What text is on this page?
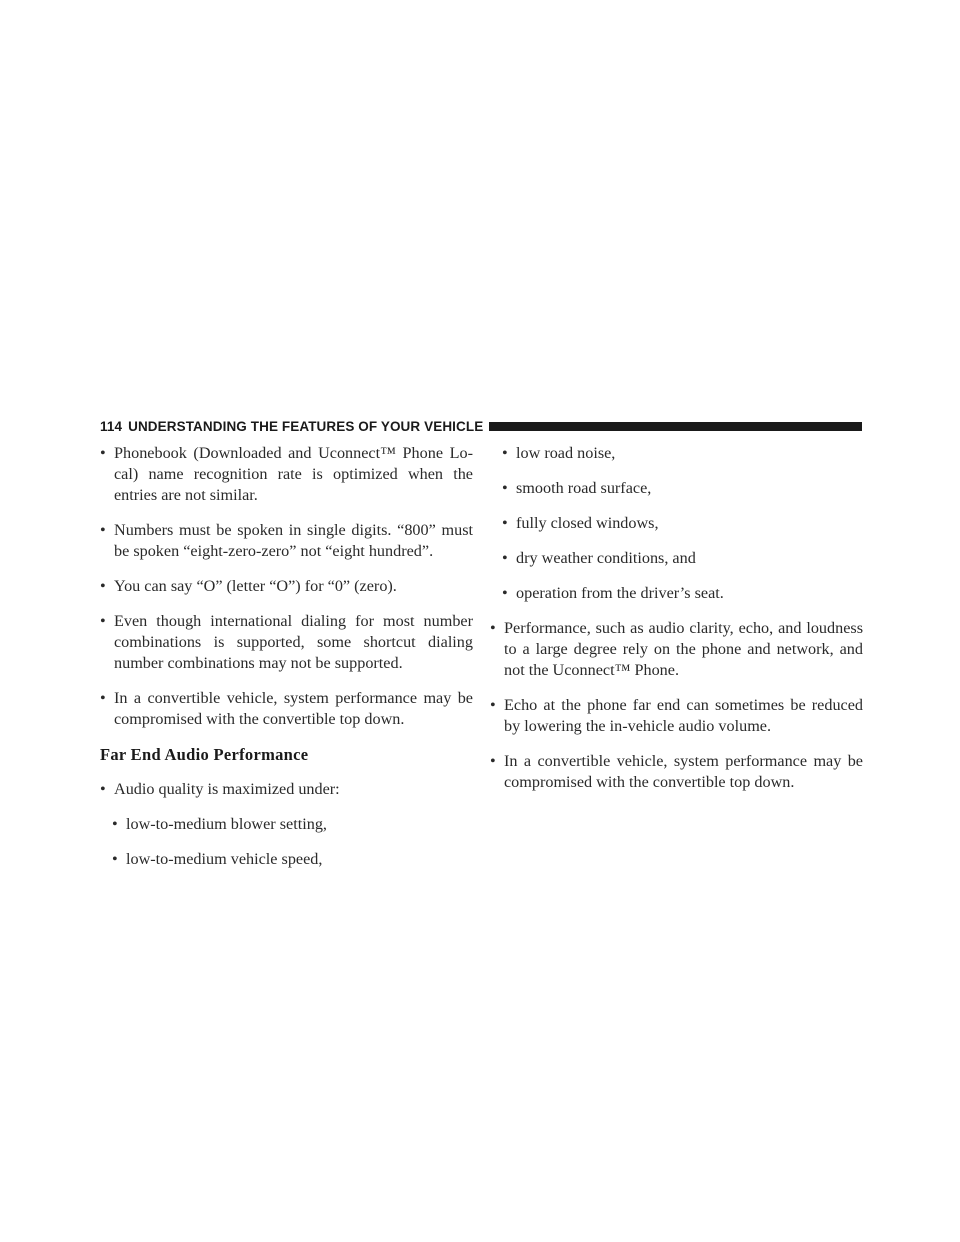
114 UNDERSTANDING THE FEATURES OF YOUR VEHICLE
• Phonebook (Downloaded and Uconnect™ Phone Lo-
cal) name recognition rate is optimized when the
entries are not similar.
• Numbers must be spoken in single digits. “800” must
be spoken “eight-zero-zero” not “eight hundred”.
• You can say “O” (letter “O”) for “0” (zero).
• Even though international dialing for most number
combinations is supported, some shortcut dialing
number combinations may not be supported.
• In a convertible vehicle, system performance may be
compromised with the convertible top down.
Far End Audio Performance
• Audio quality is maximized under:
• low-to-medium blower setting,
• low-to-medium vehicle speed,
• low road noise,
• smooth road surface,
• fully closed windows,
• dry weather conditions, and
• operation from the driver’s seat.
• Performance, such as audio clarity, echo, and loudness
to a large degree rely on the phone and network, and
not the Uconnect™ Phone.
• Echo at the phone far end can sometimes be reduced
by lowering the in-vehicle audio volume.
• In a convertible vehicle, system performance may be
compromised with the convertible top down.
